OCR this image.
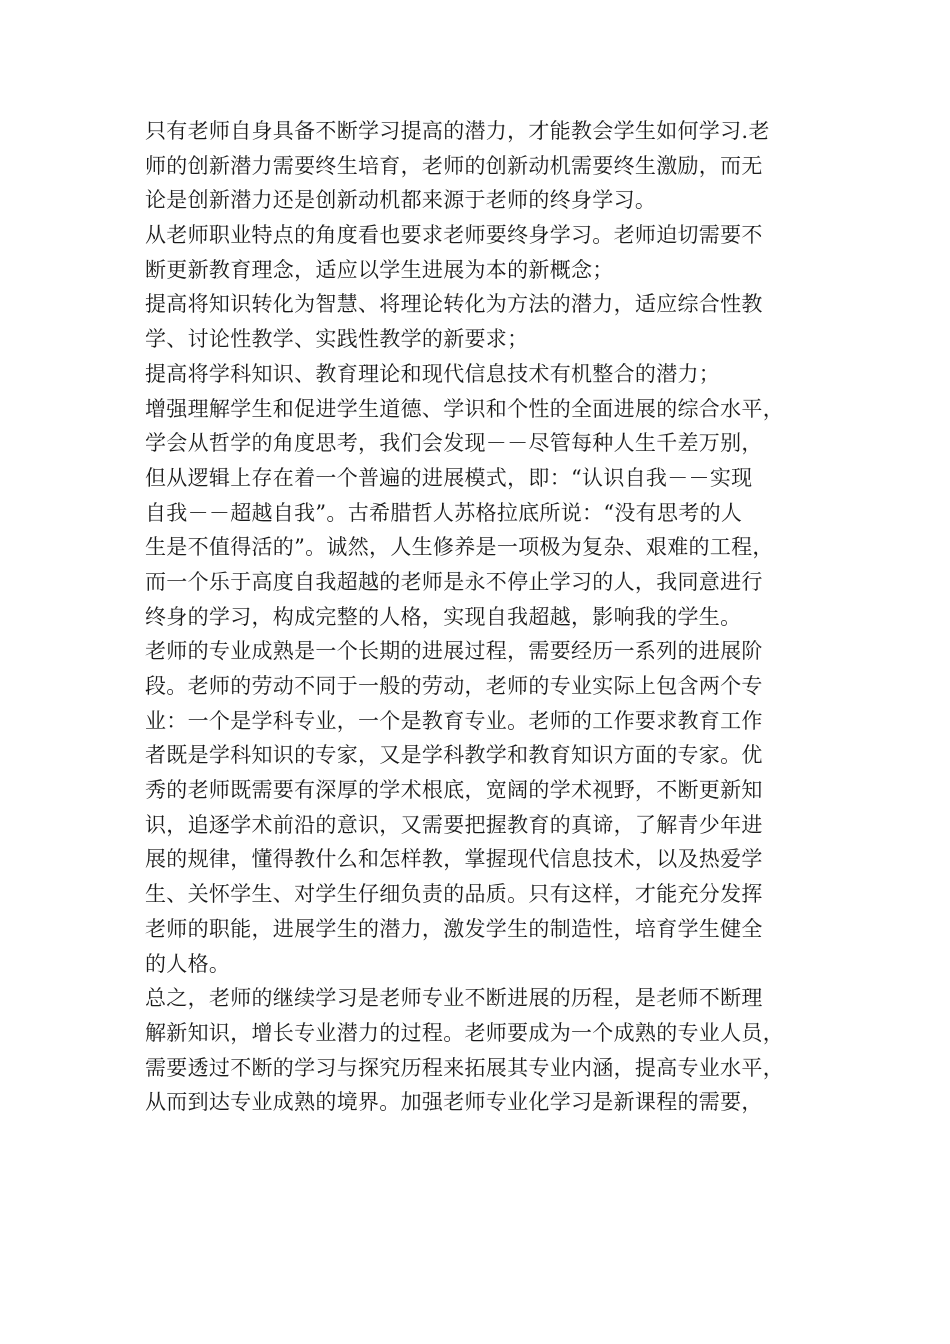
只有老师自身具备不断学习提高的潜力，才能教会学生如何学习.老
师的创新潜力需要终生培育，老师的创新动机需要终生激励，而无
论是创新潜力还是创新动机都来源于老师的终身学习。
从老师职业特点的角度看也要求老师要终身学习。老师迫切需要不
断更新教育理念，适应以学生进展为本的新概念；
提高将知识转化为智慧、将理论转化为方法的潜力，适应综合性教
学、讨论性教学、实践性教学的新要求；
提高将学科知识、教育理论和现代信息技术有机整合的潜力；
增强理解学生和促进学生道德、学识和个性的全面进展的综合水平，
学会从哲学的角度思考，我们会发现－－尽管每种人生千差万别，
但从逻辑上存在着一个普遍的进展模式，即：“认识自我－－实现
自我－－超越自我”。古希腊哲人苏格拉底所说：“没有思考的人
生是不值得活的”。诚然，人生修养是一项极为复杂、艰难的工程，
而一个乐于高度自我超越的老师是永不停止学习的人，我同意进行
终身的学习，构成完整的人格，实现自我超越，影响我的学生。
老师的专业成熟是一个长期的进展过程，需要经历一系列的进展阶
段。老师的劳动不同于一般的劳动，老师的专业实际上包含两个专
业：一个是学科专业，一个是教育专业。老师的工作要求教育工作
者既是学科知识的专家，又是学科教学和教育知识方面的专家。优
秀的老师既需要有深厚的学术根底，宽阔的学术视野，不断更新知
识，追逐学术前沿的意识，又需要把握教育的真谛，了解青少年进
展的规律，懂得教什么和怎样教，掌握现代信息技术，以及热爱学
生、关怀学生、对学生仔细负责的品质。只有这样，才能充分发挥
老师的职能，进展学生的潜力，激发学生的制造性，培育学生健全
的人格。
总之，老师的继续学习是老师专业不断进展的历程，是老师不断理
解新知识，增长专业潜力的过程。老师要成为一个成熟的专业人员，
需要透过不断的学习与探究历程来拓展其专业内涵，提高专业水平，
从而到达专业成熟的境界。加强老师专业化学习是新课程的需要，
